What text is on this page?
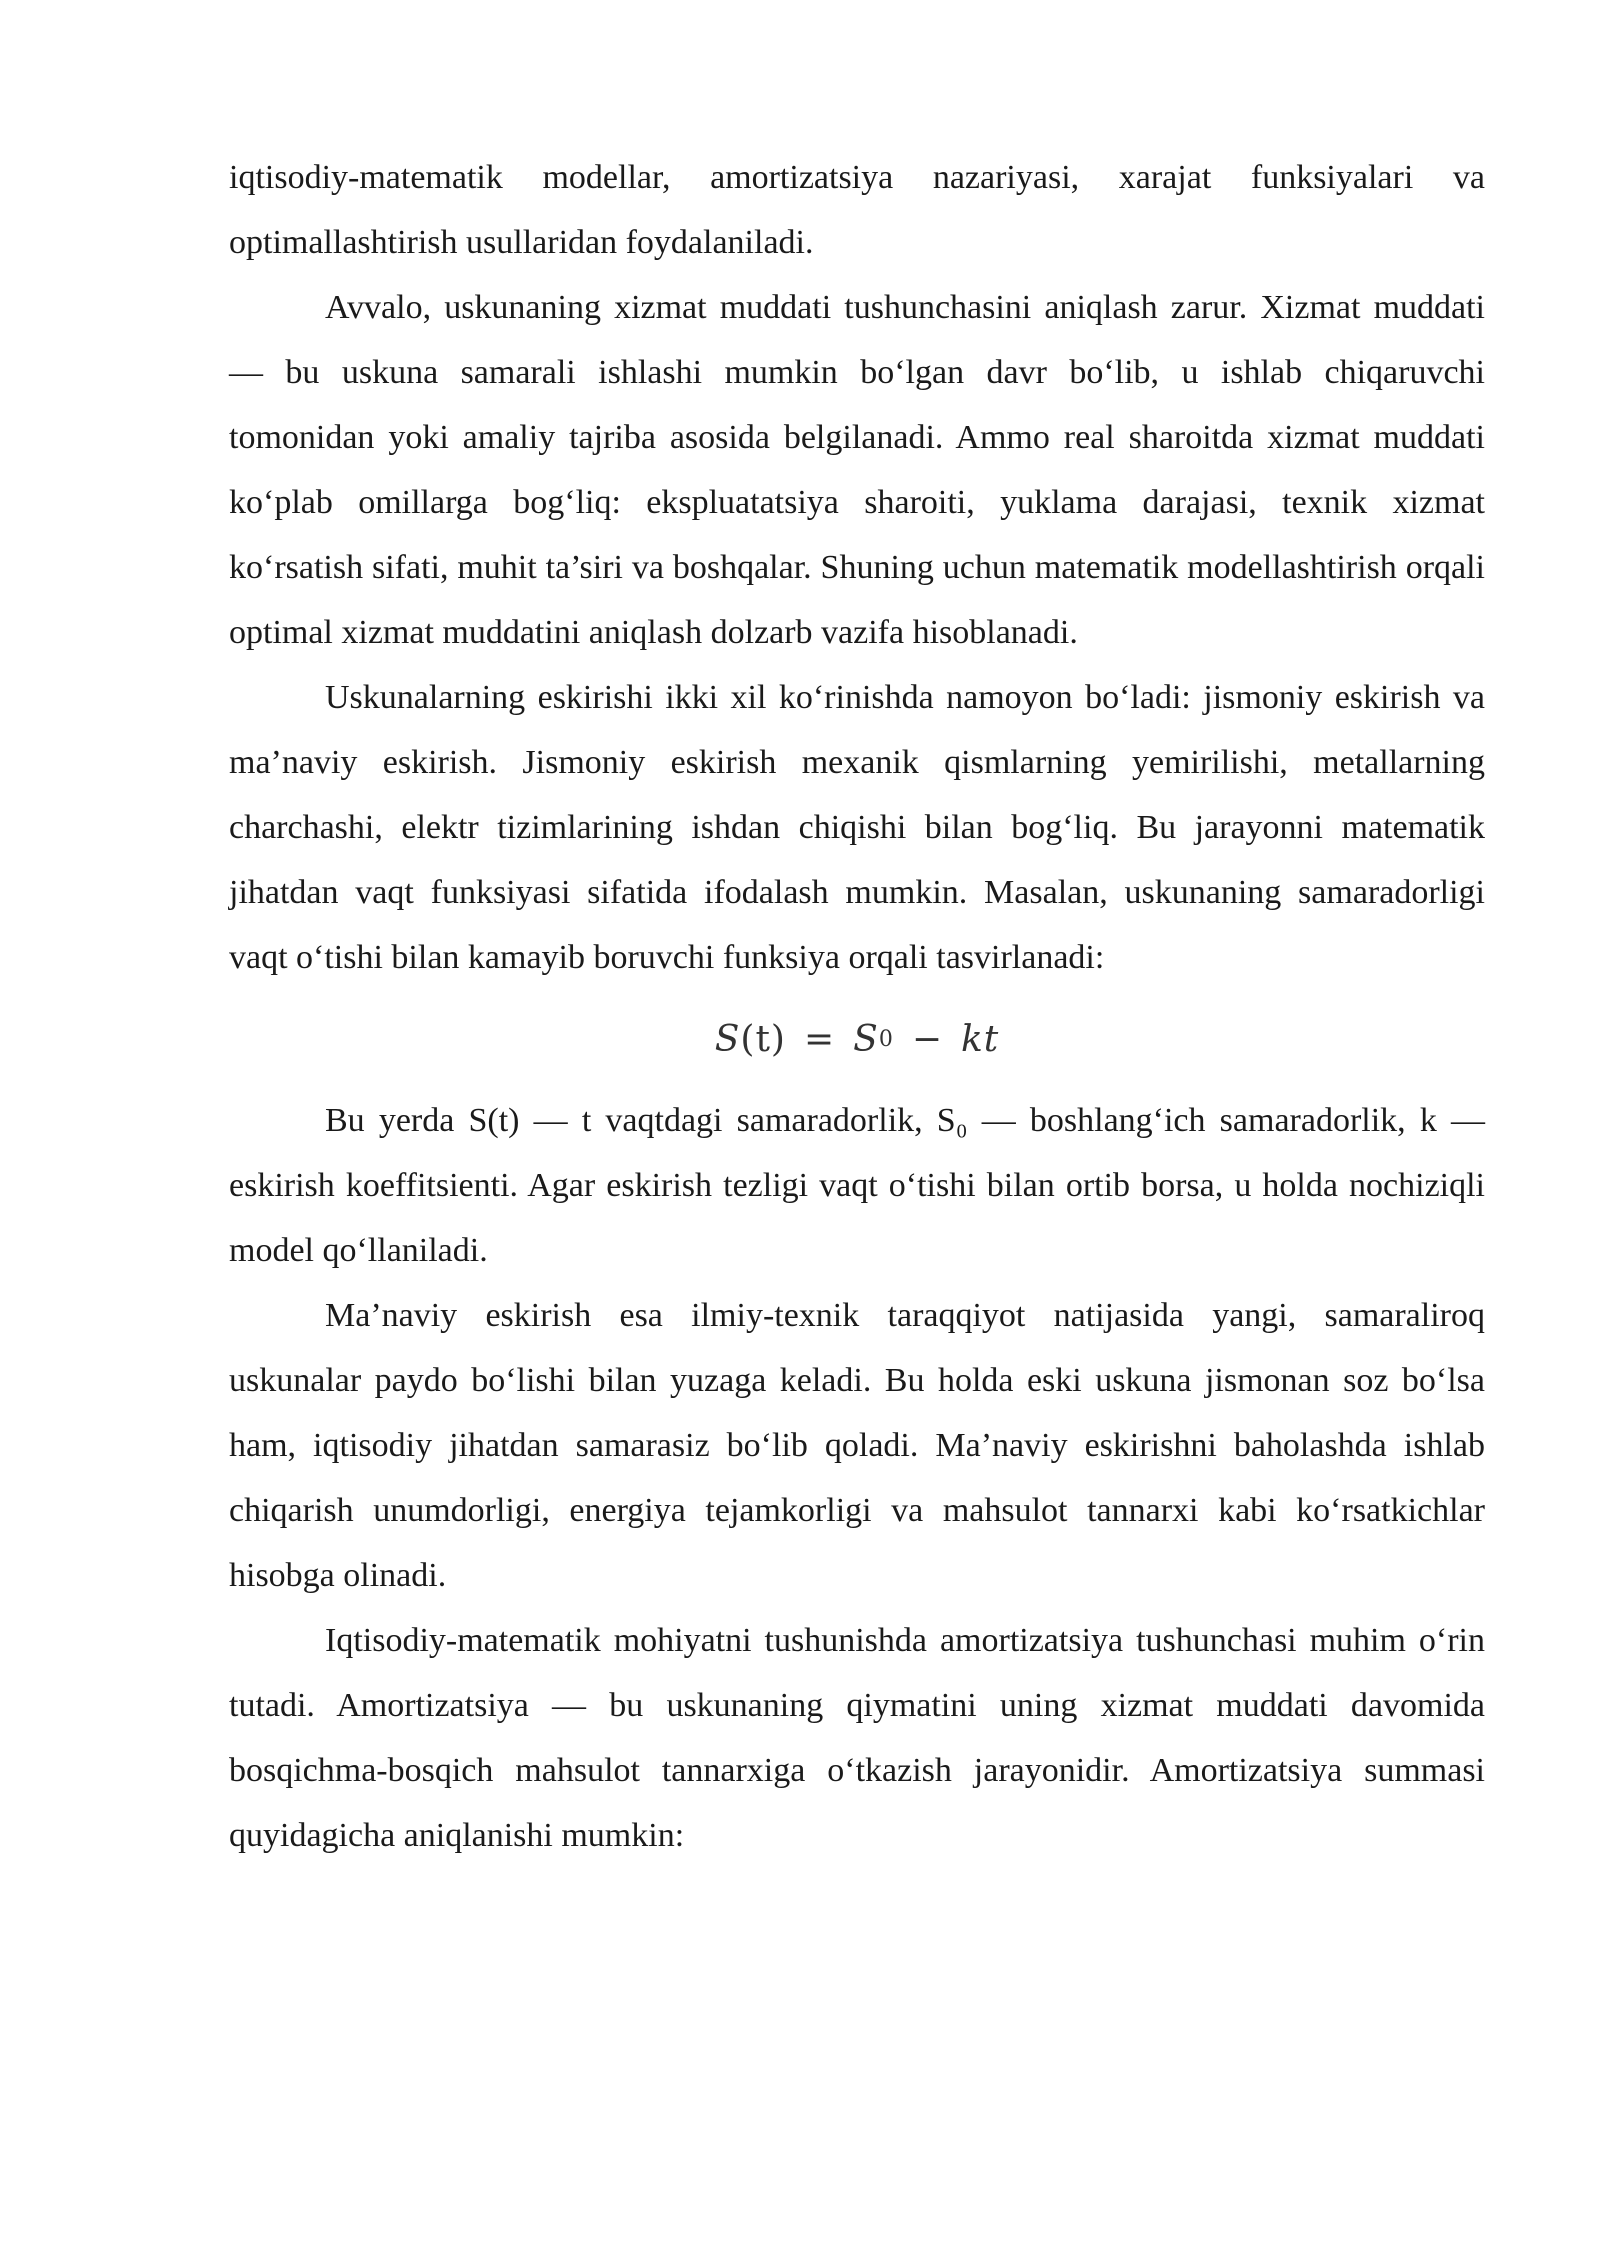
iqtisodiy-matematik modellar, amortizatsiya nazariyasi, xarajat funksiyalari va optimallashtirish usullaridan foydalaniladi.

Avvalo, uskunaning xizmat muddati tushunchasini aniqlash zarur. Xizmat muddati — bu uskuna samarali ishlashi mumkin bo‘lgan davr bo‘lib, u ishlab chiqaruvchi tomonidan yoki amaliy tajriba asosida belgilanadi. Ammo real sharoitda xizmat muddati ko‘plab omillarga bog‘liq: ekspluatatsiya sharoiti, yuklama darajasi, texnik xizmat ko‘rsatish sifati, muhit ta’siri va boshqalar. Shuning uchun matematik modellashtirish orqali optimal xizmat muddatini aniqlash dolzarb vazifa hisoblanadi.

Uskunalarning eskirishi ikki xil ko‘rinishda namoyon bo‘ladi: jismoniy eskirish va ma’naviy eskirish. Jismoniy eskirish mexanik qismlarning yemirilishi, metallarning charchashi, elektr tizimlarining ishdan chiqishi bilan bog‘liq. Bu jarayonni matematik jihatdan vaqt funksiyasi sifatida ifodalash mumkin. Masalan, uskunaning samaradorligi vaqt o‘tishi bilan kamayib boruvchi funksiya orqali tasvirlanadi:

S (t) = S 0 − kt

Bu yerda S(t) — t vaqtdagi samaradorlik, S₀ — boshlang‘ich samaradorlik, k — eskirish koeffitsienti. Agar eskirish tezligi vaqt o‘tishi bilan ortib borsa, u holda nochiziqli model qo‘llaniladi.

Ma’naviy eskirish esa ilmiy-texnik taraqqiyot natijasida yangi, samaraliroq uskunalar paydo bo‘lishi bilan yuzaga keladi. Bu holda eski uskuna jismonan soz bo‘lsa ham, iqtisodiy jihatdan samarasiz bo‘lib qoladi. Ma’naviy eskirishni baholashda ishlab chiqarish unumdorligi, energiya tejamkorligi va mahsulot tannarxi kabi ko‘rsatkichlar hisobga olinadi.

Iqtisodiy-matematik mohiyatni tushunishda amortizatsiya tushunchasi muhim o‘rin tutadi. Amortizatsiya — bu uskunaning qiymatini uning xizmat muddati davomida bosqichma-bosqich mahsulot tannarxiga o‘tkazish jarayonidir. Amortizatsiya summasi quyidagicha aniqlanishi mumkin:
